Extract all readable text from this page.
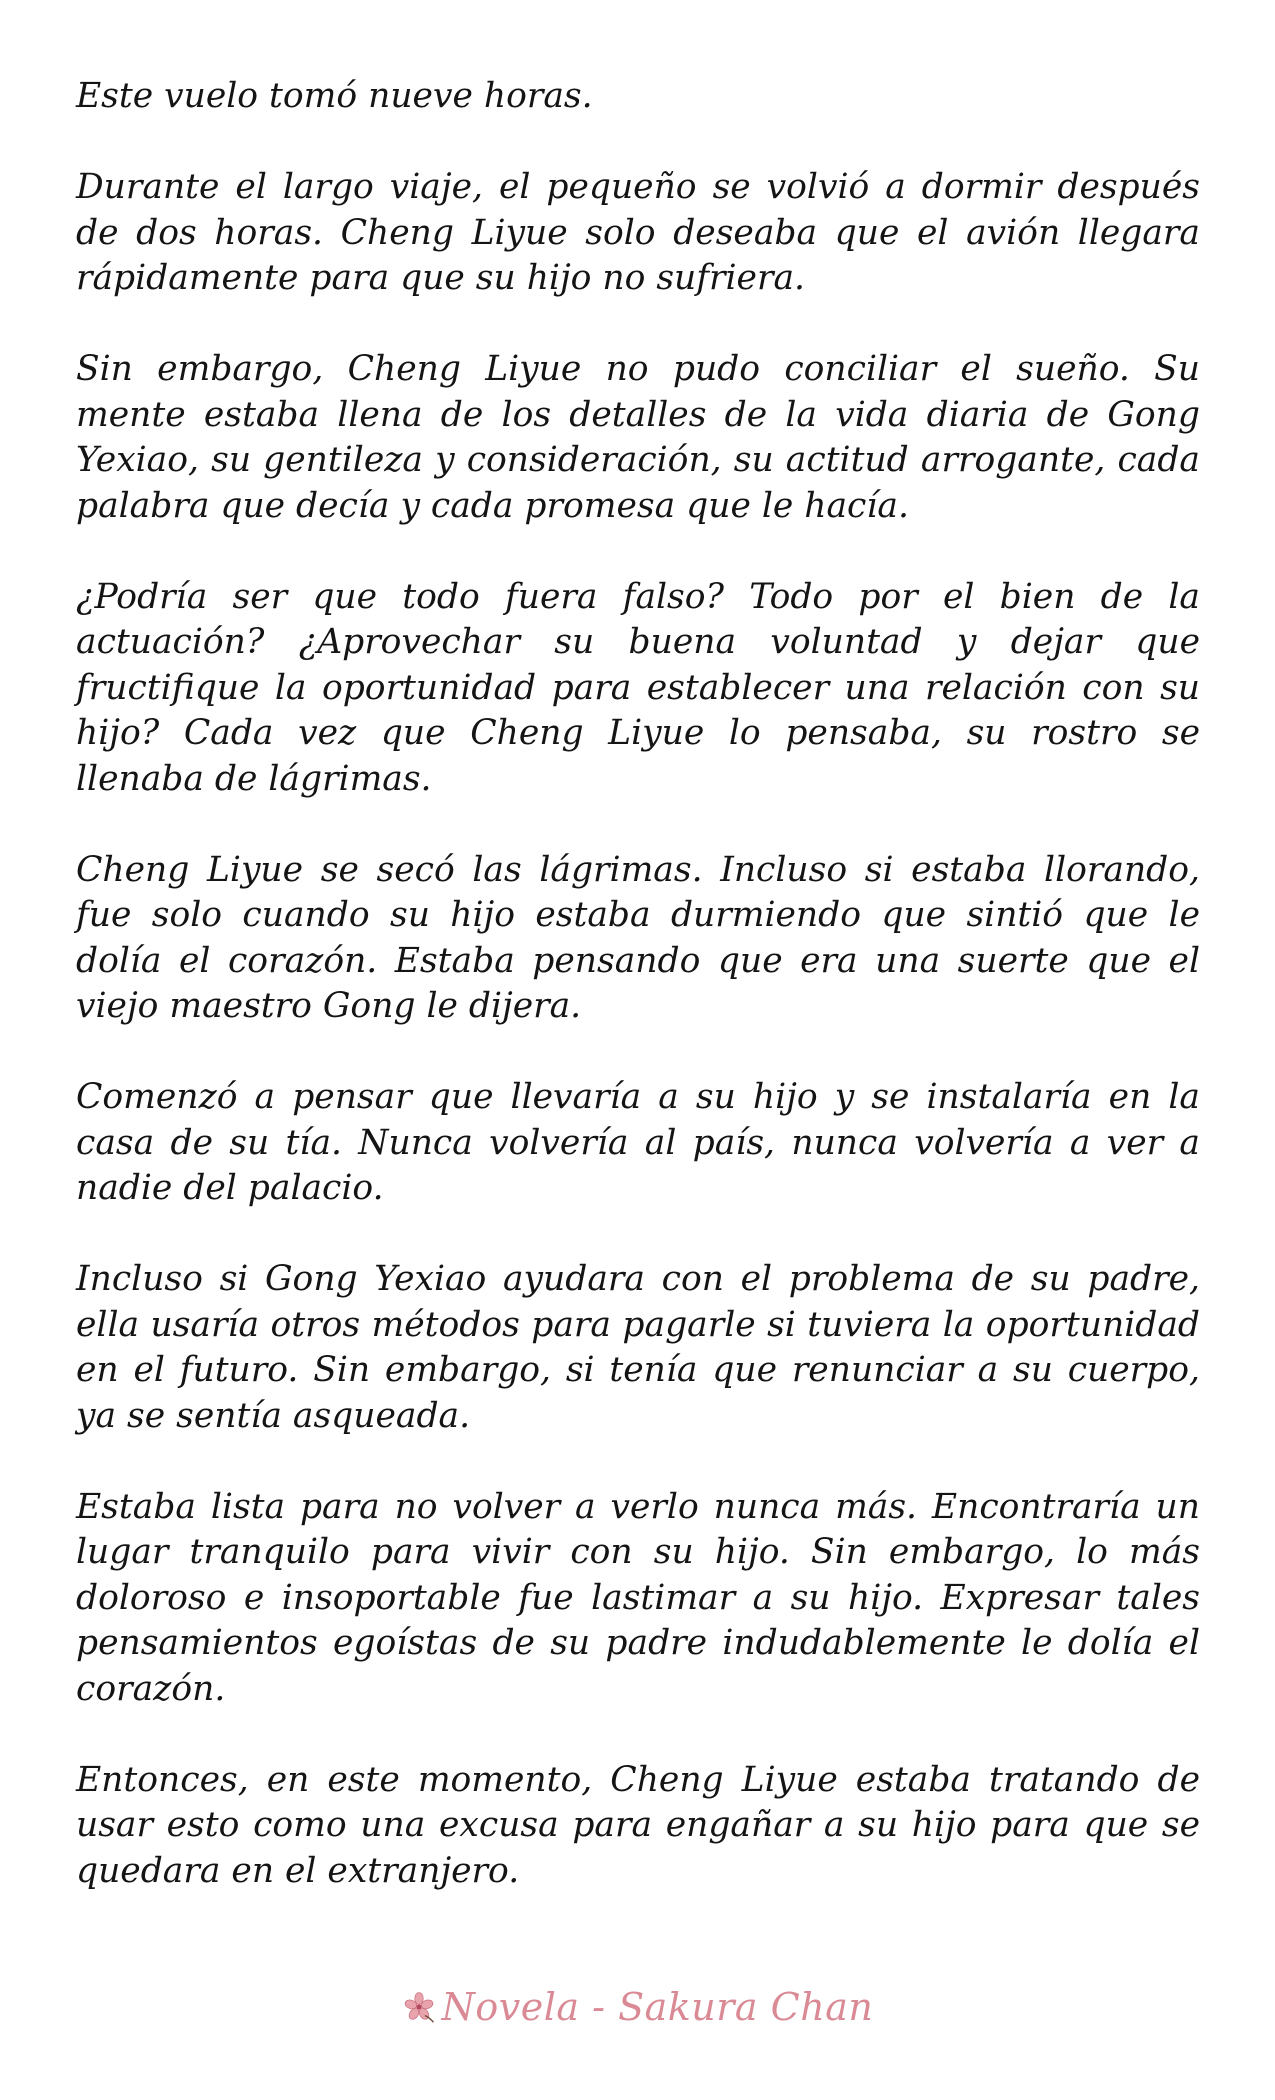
Este vuelo tomó nueve horas.

Durante el largo viaje, el pequeño se volvió a dormir después de dos horas. Cheng Liyue solo deseaba que el avión llegara rápidamente para que su hijo no sufriera.

Sin embargo, Cheng Liyue no pudo conciliar el sueño. Su mente estaba llena de los detalles de la vida diaria de Gong Yexiao, su gentileza y consideración, su actitud arrogante, cada palabra que decía y cada promesa que le hacía.

¿Podría ser que todo fuera falso? Todo por el bien de la actuación? ¿Aprovechar su buena voluntad y dejar que fructifique la oportunidad para establecer una relación con su hijo? Cada vez que Cheng Liyue lo pensaba, su rostro se llenaba de lágrimas.

Cheng Liyue se secó las lágrimas. Incluso si estaba llorando, fue solo cuando su hijo estaba durmiendo que sintió que le dolía el corazón. Estaba pensando que era una suerte que el viejo maestro Gong le dijera.

Comenzó a pensar que llevaría a su hijo y se instalaría en la casa de su tía. Nunca volvería al país, nunca volvería a ver a nadie del palacio.

Incluso si Gong Yexiao ayudara con el problema de su padre, ella usaría otros métodos para pagarle si tuviera la oportunidad en el futuro. Sin embargo, si tenía que renunciar a su cuerpo, ya se sentía asqueada.

Estaba lista para no volver a verlo nunca más. Encontraría un lugar tranquilo para vivir con su hijo. Sin embargo, lo más doloroso e insoportable fue lastimar a su hijo. Expresar tales pensamientos egoístas de su padre indudablemente le dolía el corazón.

Entonces, en este momento, Cheng Liyue estaba tratando de usar esto como una excusa para engañar a su hijo para que se quedara en el extranjero.

Novela - Sakura Chan
